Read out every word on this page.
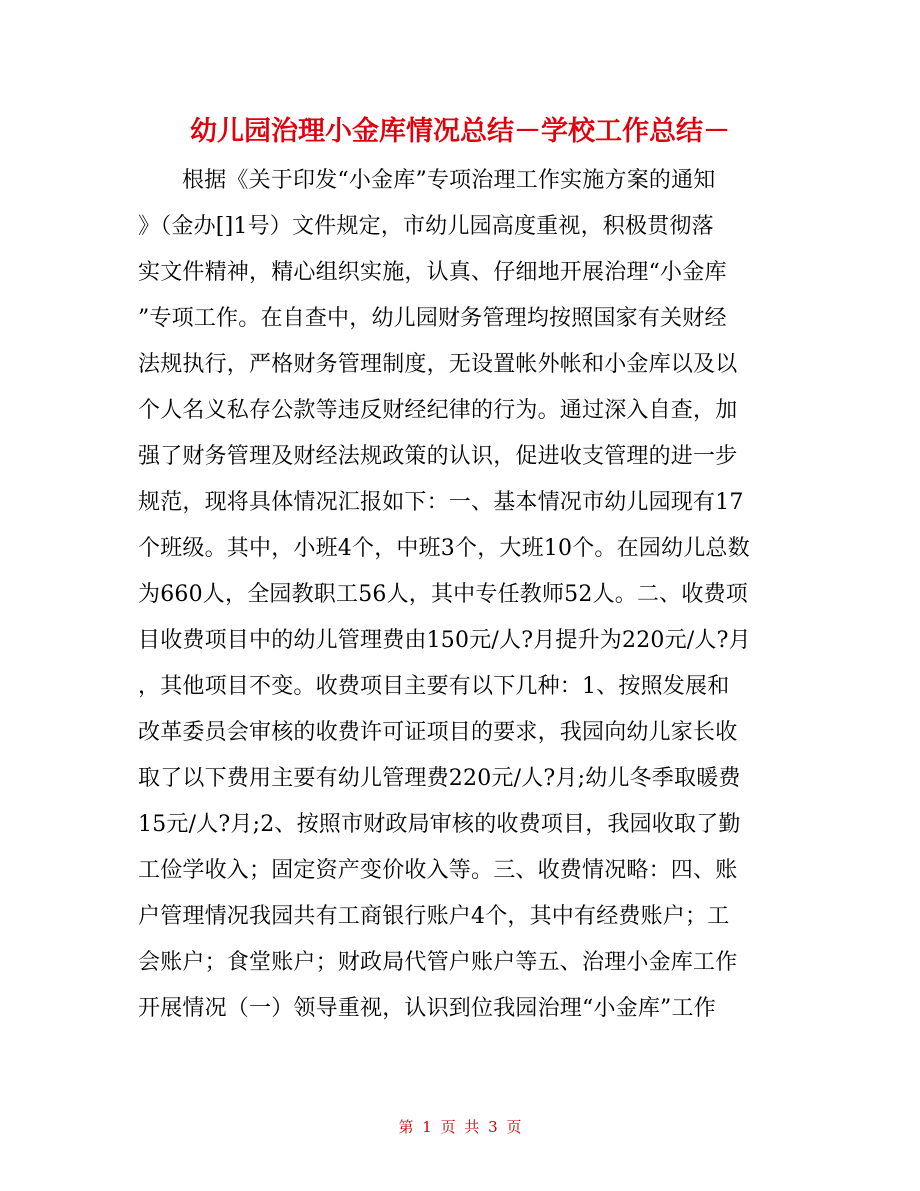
幼儿园治理小金库情况总结－学校工作总结－
根据《关于印发“小金库”专项治理工作实施方案的通知
》（金办[]1号）文件规定，市幼儿园高度重视，积极贯彻落
实文件精神，精心组织实施，认真、仔细地开展治理“小金库
”专项工作。在自查中，幼儿园财务管理均按照国家有关财经
法规执行，严格财务管理制度，无设置帐外帐和小金库以及以
个人名义私存公款等违反财经纪律的行为。通过深入自查，加
强了财务管理及财经法规政策的认识，促进收支管理的进一步
规范，现将具体情况汇报如下：一、基本情况市幼儿园现有17
个班级。其中，小班4个，中班3个，大班10个。在园幼儿总数
为660人，全园教职工56人，其中专任教师52人。二、收费项
目收费项目中的幼儿管理费由150元/人?月提升为220元/人?月
，其他项目不变。收费项目主要有以下几种：1、按照发展和
改革委员会审核的收费许可证项目的要求，我园向幼儿家长收
取了以下费用主要有幼儿管理费220元/人?月;幼儿冬季取暖费
15元/人?月;2、按照市财政局审核的收费项目，我园收取了勤
工俭学收入；固定资产变价收入等。三、收费情况略：四、账
户管理情况我园共有工商银行账户4个，其中有经费账户；工
会账户；食堂账户；财政局代管户账户等五、治理小金库工作
开展情况（一）领导重视，认识到位我园治理“小金库”工作
第 1 页 共 3 页
